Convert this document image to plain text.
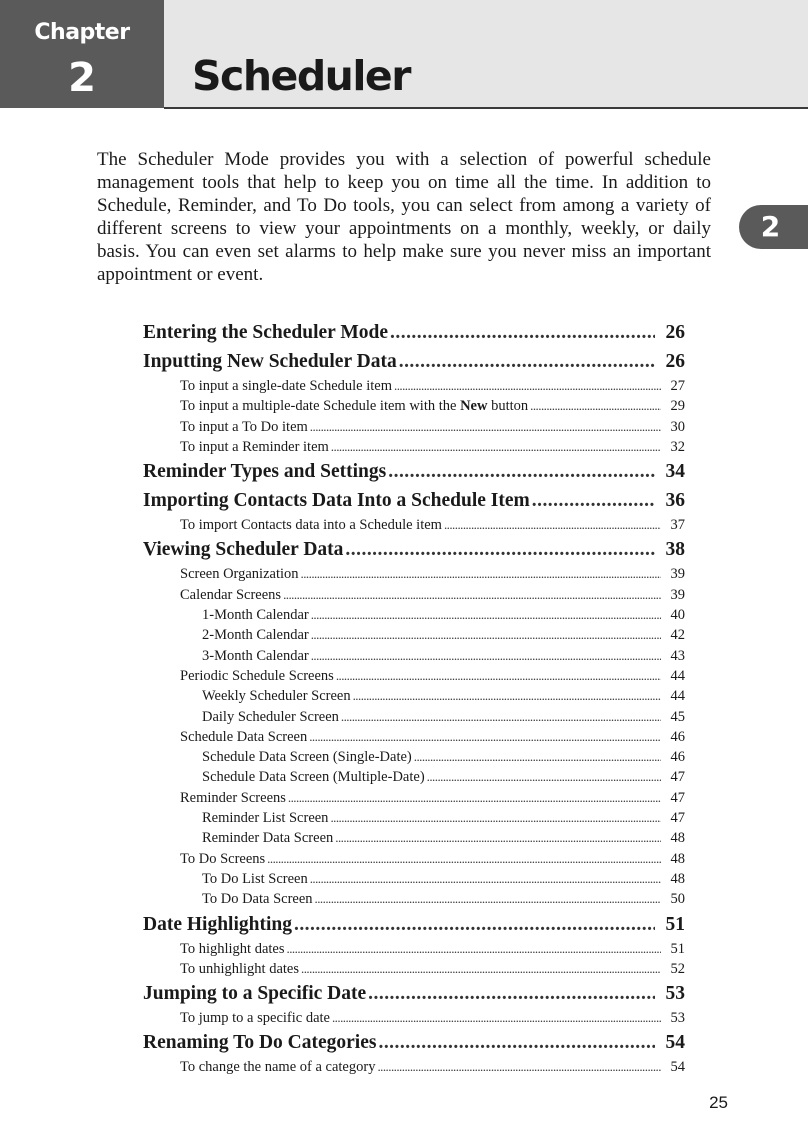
Chapter
2	Scheduler
2

The Scheduler Mode provides you with a selection of powerful schedule management tools that help to keep you on time all the time. In addition to Schedule, Reminder, and To Do tools, you can select from among a variety of different screens to view your appointments on a monthly, weekly, or daily basis. You can even set alarms to help make sure you never miss an important appointment or event.

Entering the Scheduler Mode . . .	26
Inputting New Scheduler Data . . .	26
To input a single-date Schedule item . . .	27
To input a multiple-date Schedule item with the New button . . .	29
To input a To Do item . . .	30
To input a Reminder item . . .	32
Reminder Types and Settings . . .	34
Importing Contacts Data Into a Schedule Item . . .	36
To import Contacts data into a Schedule item . . .	37
Viewing Scheduler Data . . .	38
Screen Organization . . .	39
Calendar Screens . . .	39
1-Month Calendar . . .	40
2-Month Calendar . . .	42
3-Month Calendar . . .	43
Periodic Schedule Screens . . .	44
Weekly Scheduler Screen . . .	44
Daily Scheduler Screen . . .	45
Schedule Data Screen . . .	46
Schedule Data Screen (Single-Date) . . .	46
Schedule Data Screen (Multiple-Date) . . .	47
Reminder Screens . . .	47
Reminder List Screen . . .	47
Reminder Data Screen . . .	48
To Do Screens . . .	48
To Do List Screen . . .	48
To Do Data Screen . . .	50
Date Highlighting . . .	51
To highlight dates . . .	51
To unhighlight dates . . .	52
Jumping to a Specific Date . . .	53
To jump to a specific date . . .	53
Renaming To Do Categories . . .	54
To change the name of a category . . .	54
25
